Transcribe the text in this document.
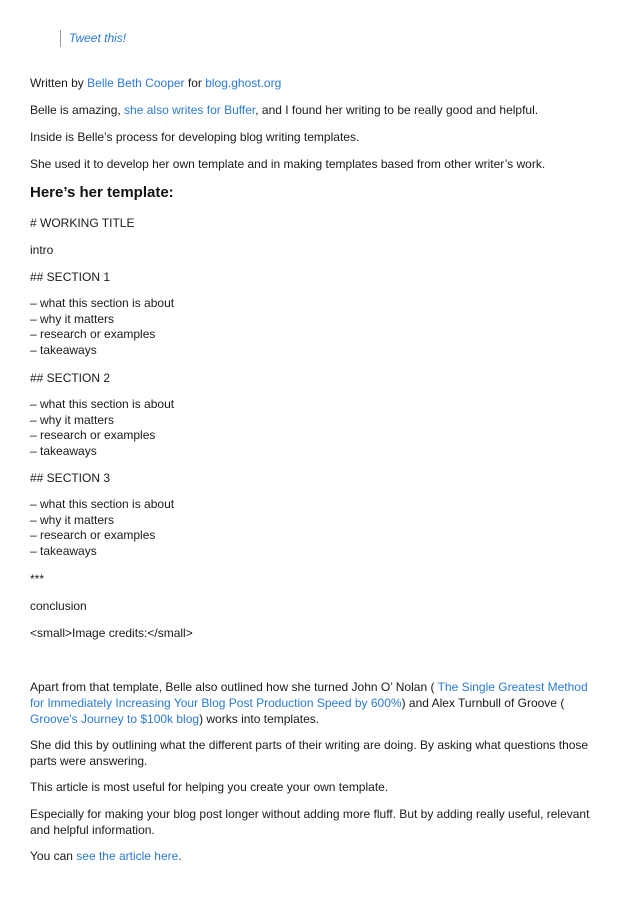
Tweet this!

Written by Belle Beth Cooper for blog.ghost.org

Belle is amazing, she also writes for Buffer, and I found her writing to be really good and helpful.

Inside is Belle’s process for developing blog writing templates.

She used it to develop her own template and in making templates based from other writer’s work.

Here’s her template:

# WORKING TITLE

intro

## SECTION 1

– what this section is about
– why it matters
– research or examples
– takeaways

## SECTION 2

– what this section is about
– why it matters
– research or examples
– takeaways

## SECTION 3

– what this section is about
– why it matters
– research or examples
– takeaways

***

conclusion

<small>Image credits:</small>

Apart from that template, Belle also outlined how she turned John O’ Nolan ( The Single Greatest Method for Immediately Increasing Your Blog Post Production Speed by 600%) and Alex Turnbull of Groove ( Groove's Journey to $100k blog) works into templates.

She did this by outlining what the different parts of their writing are doing. By asking what questions those parts were answering.

This article is most useful for helping you create your own template.

Especially for making your blog post longer without adding more fluff. But by adding really useful, relevant and helpful information.

You can see the article here.
